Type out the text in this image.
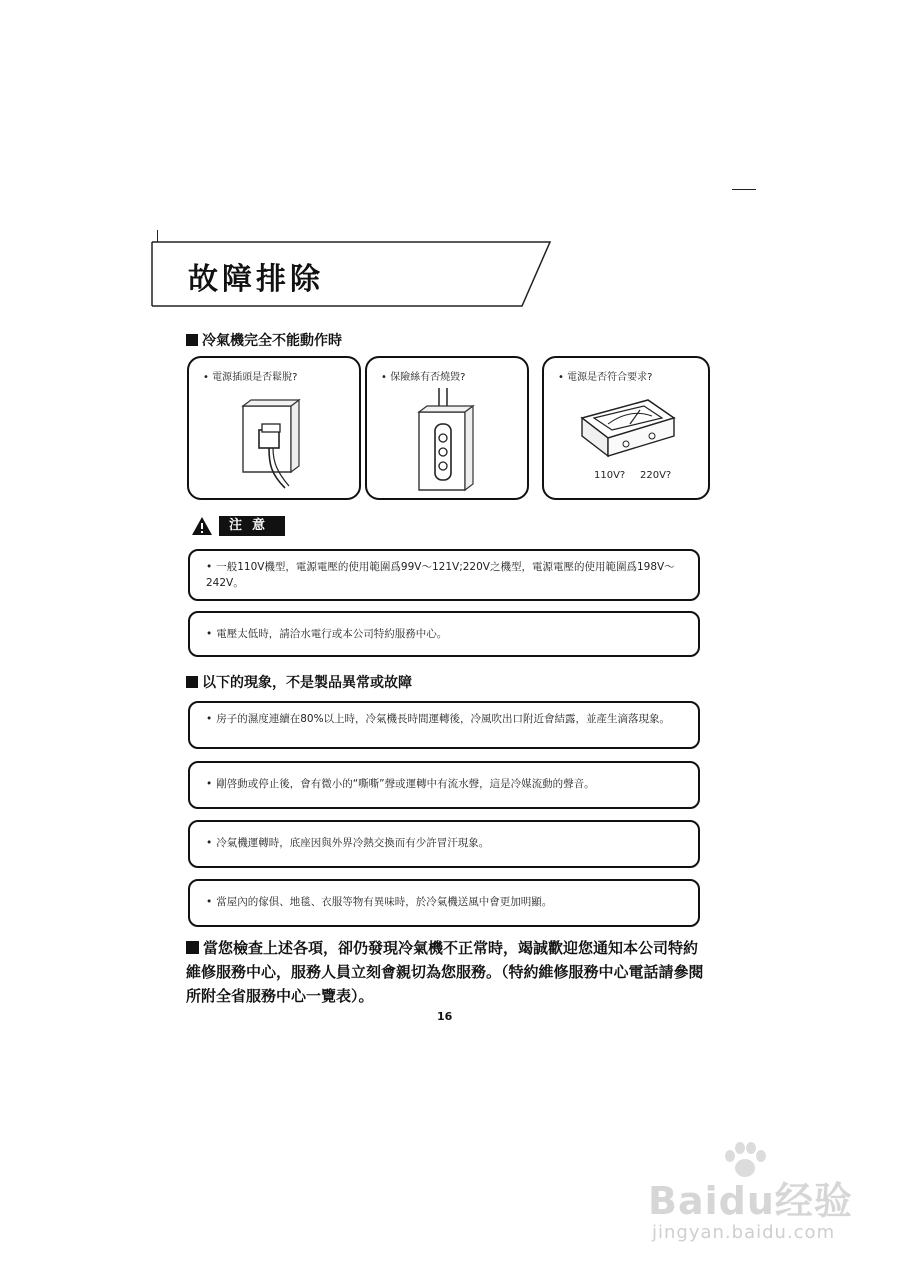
故障排除
冷氣機完全不能動作時
• 電源插頭是否鬆脫?	• 保險絲有否燒毀?	• 電源是否符合要求?
110V? 220V?
注意
• 一般110V機型，電源電壓的使用範圍爲99V～121V;220V之機型，電源電壓的使用範圍爲198V～242V。
• 電壓太低時，請洽水電行或本公司特約服務中心。
以下的現象，不是製品異常或故障
• 房子的濕度連續在80%以上時，冷氣機長時間運轉後，冷風吹出口附近會結露，並產生滴落現象。
• 剛啓動或停止後，會有微小的“嘶嘶”聲或運轉中有流水聲，這是冷媒流動的聲音。
• 冷氣機運轉時，底座因與外界冷熱交換而有少許冒汗現象。
• 當屋內的傢俱、地毯、衣服等物有異味時，於冷氣機送風中會更加明顯。
當您檢查上述各項，卻仍發現冷氣機不正常時，竭誠歡迎您通知本公司特約維修服務中心，服務人員立刻會親切為您服務。（特約維修服務中心電話請參閱所附全省服務中心一覽表）。
16
Baidu经验
jingyan.baidu.com
